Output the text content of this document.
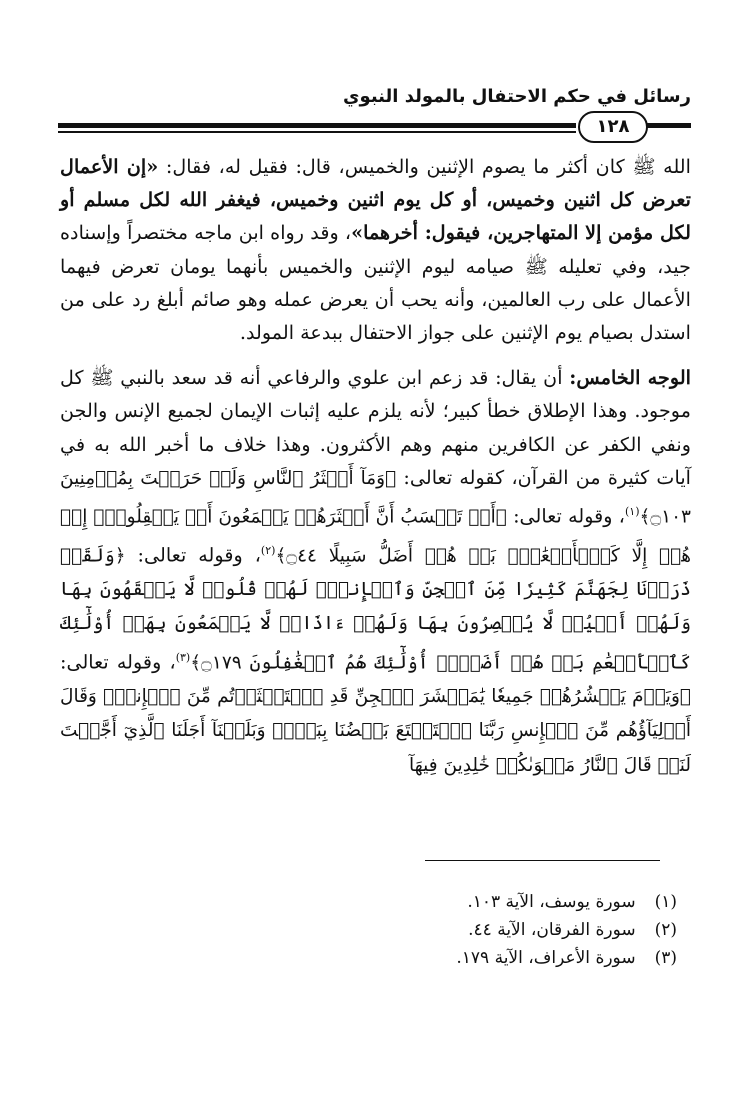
رسائل في حكم الاحتفال بالمولد النبوي
١٢٨

الله ﷺ كان أكثر ما يصوم الإثنين والخميس، قال: فقيل له، فقال: «إن الأعمال تعرض كل اثنين وخميس، أو كل يوم اثنين وخميس، فيغفر الله لكل مسلم أو لكل مؤمن إلا المتهاجرين، فيقول: أخرهما»، وقد رواه ابن ماجه مختصراً وإسناده جيد، وفي تعليله ﷺ صيامه ليوم الإثنين والخميس بأنهما يومان تعرض فيهما الأعمال على رب العالمين، وأنه يحب أن يعرض عمله وهو صائم أبلغ رد على من استدل بصيام يوم الإثنين على جواز الاحتفال ببدعة المولد.

الوجه الخامس: أن يقال: قد زعم ابن علوي والرفاعي أنه قد سعد بالنبي ﷺ كل موجود. وهذا الإطلاق خطأ كبير؛ لأنه يلزم عليه إثبات الإيمان لجميع الإنس والجن ونفي الكفر عن الكافرين منهم وهم الأكثرون. وهذا خلاف ما أخبر الله به في آيات كثيرة من القرآن، كقوله تعالى: ﴿وَمَآ أَكۡثَرُ ٱلنَّاسِ وَلَوۡ حَرَصۡتَ بِمُؤۡمِنِينَ ۝١٠٣﴾$^{(١)}$، وقوله تعالى: ﴿أَمۡ تَحۡسَبُ أَنَّ أَكۡثَرَهُمۡ يَسۡمَعُونَ أَوۡ يَعۡقِلُونَۚ إِنۡ هُمۡ إِلَّا كَٱلۡأَنۡعَٰمِۖ بَلۡ هُمۡ أَضَلُّ سَبِيلًا ۝٤٤﴾$^{(٢)}$، وقوله تعالى: ﴿وَلَقَدۡ ذَرَأۡنَا لِجَهَنَّمَ كَثِيرٗا مِّنَ ٱلۡجِنِّ وَٱلۡإِنسِۖ لَهُمۡ قُلُوبٞ لَّا يَفۡقَهُونَ بِهَا وَلَهُمۡ أَعۡيُنٞ لَّا يُبۡصِرُونَ بِهَا وَلَهُمۡ ءَاذَانٞ لَّا يَسۡمَعُونَ بِهَآۚ أُوْلَٰٓئِكَ كَٱلۡأَنۡعَٰمِ بَلۡ هُمۡ أَضَلُّۚ أُوْلَٰٓئِكَ هُمُ ٱلۡغَٰفِلُونَ ۝١٧٩﴾$^{(٣)}$، وقوله تعالى: ﴿وَيَوۡمَ يَحۡشُرُهُمۡ جَمِيعٗا يَٰمَعۡشَرَ ٱلۡجِنِّ قَدِ ٱسۡتَكۡثَرۡتُم مِّنَ ٱلۡإِنسِۖ وَقَالَ أَوۡلِيَآؤُهُم مِّنَ ٱلۡإِنسِ رَبَّنَا ٱسۡتَمۡتَعَ بَعۡضُنَا بِبَعۡضٖ وَبَلَغۡنَآ أَجَلَنَا ٱلَّذِيٓ أَجَّلۡتَ لَنَاۚ قَالَ ٱلنَّارُ مَثۡوَىٰكُمۡ خَٰلِدِينَ فِيهَآ

(١) سورة يوسف، الآية ١٠٣.
(٢) سورة الفرقان، الآية ٤٤.
(٣) سورة الأعراف، الآية ١٧٩.
